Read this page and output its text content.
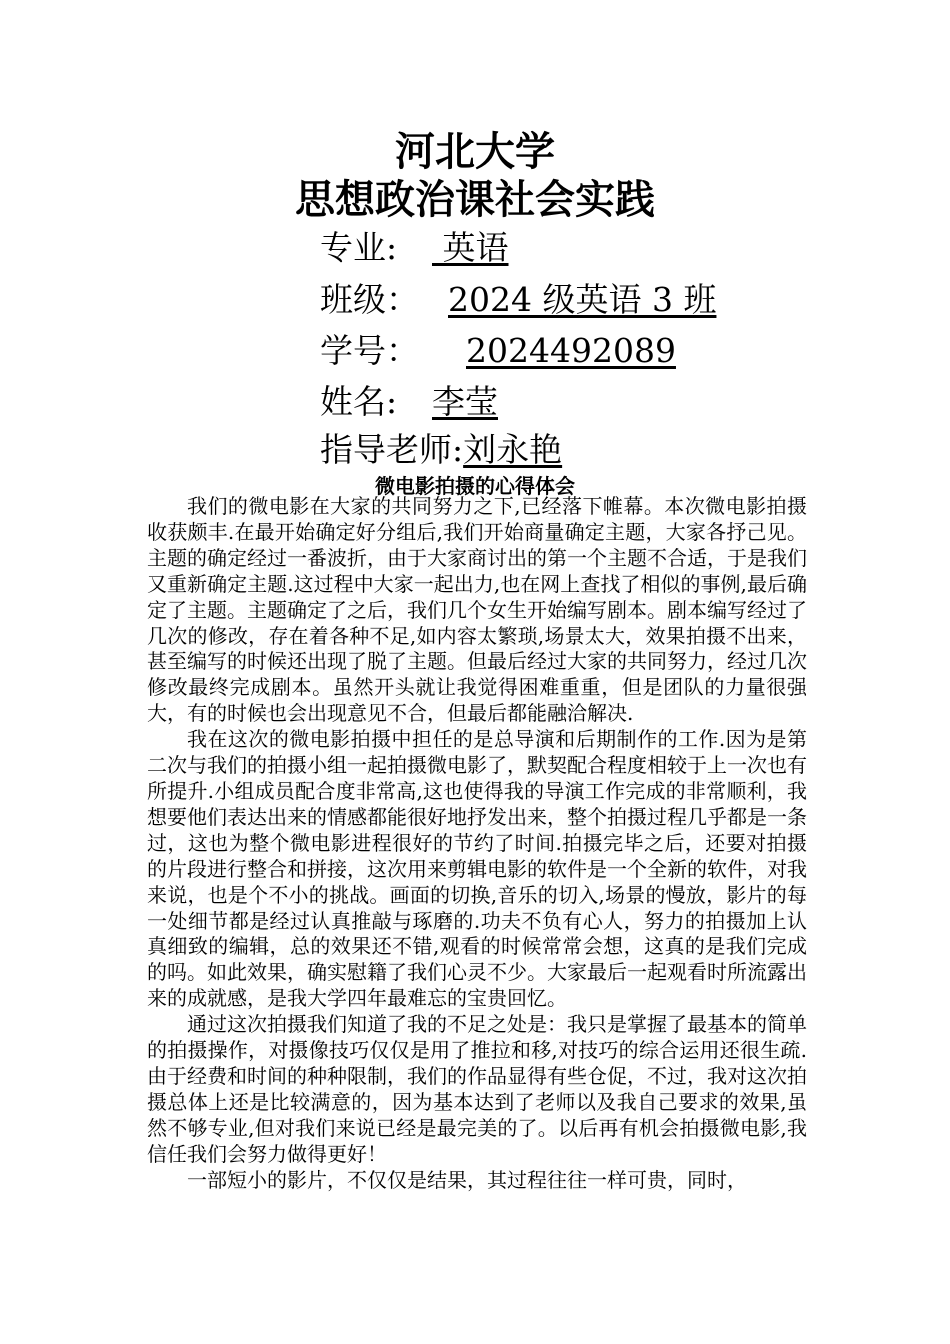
河北大学
思想政治课社会实践
专业: 英语
班级： 2024 级英语 3 班
学号： 2024492089
姓名: 李莹
指导老师:刘永艳
微电影拍摄的心得体会

我们的微电影在大家的共同努力之下,已经落下帷幕。本次微电影拍摄收获颇丰.在最开始确定好分组后,我们开始商量确定主题，大家各抒己见。主题的确定经过一番波折，由于大家商讨出的第一个主题不合适，于是我们又重新确定主题.这过程中大家一起出力,也在网上查找了相似的事例,最后确定了主题。主题确定了之后，我们几个女生开始编写剧本。剧本编写经过了几次的修改，存在着各种不足,如内容太繁琐,场景太大，效果拍摄不出来，甚至编写的时候还出现了脱了主题。但最后经过大家的共同努力，经过几次修改最终完成剧本。虽然开头就让我觉得困难重重，但是团队的力量很强大，有的时候也会出现意见不合，但最后都能融洽解决.

我在这次的微电影拍摄中担任的是总导演和后期制作的工作.因为是第二次与我们的拍摄小组一起拍摄微电影了，默契配合程度相较于上一次也有所提升.小组成员配合度非常高,这也使得我的导演工作完成的非常顺利，我想要他们表达出来的情感都能很好地抒发出来，整个拍摄过程几乎都是一条过，这也为整个微电影进程很好的节约了时间.拍摄完毕之后，还要对拍摄的片段进行整合和拼接，这次用来剪辑电影的软件是一个全新的软件，对我来说，也是个不小的挑战。画面的切换,音乐的切入,场景的慢放，影片的每一处细节都是经过认真推敲与琢磨的.功夫不负有心人，努力的拍摄加上认真细致的编辑，总的效果还不错,观看的时候常常会想，这真的是我们完成的吗。如此效果，确实慰籍了我们心灵不少。大家最后一起观看时所流露出来的成就感，是我大学四年最难忘的宝贵回忆。

通过这次拍摄我们知道了我的不足之处是：我只是掌握了最基本的简单的拍摄操作，对摄像技巧仅仅是用了推拉和移,对技巧的综合运用还很生疏.由于经费和时间的种种限制，我们的作品显得有些仓促，不过，我对这次拍摄总体上还是比较满意的，因为基本达到了老师以及我自己要求的效果,虽然不够专业,但对我们来说已经是最完美的了。以后再有机会拍摄微电影,我信任我们会努力做得更好！

一部短小的影片，不仅仅是结果，其过程往往一样可贵，同时，
